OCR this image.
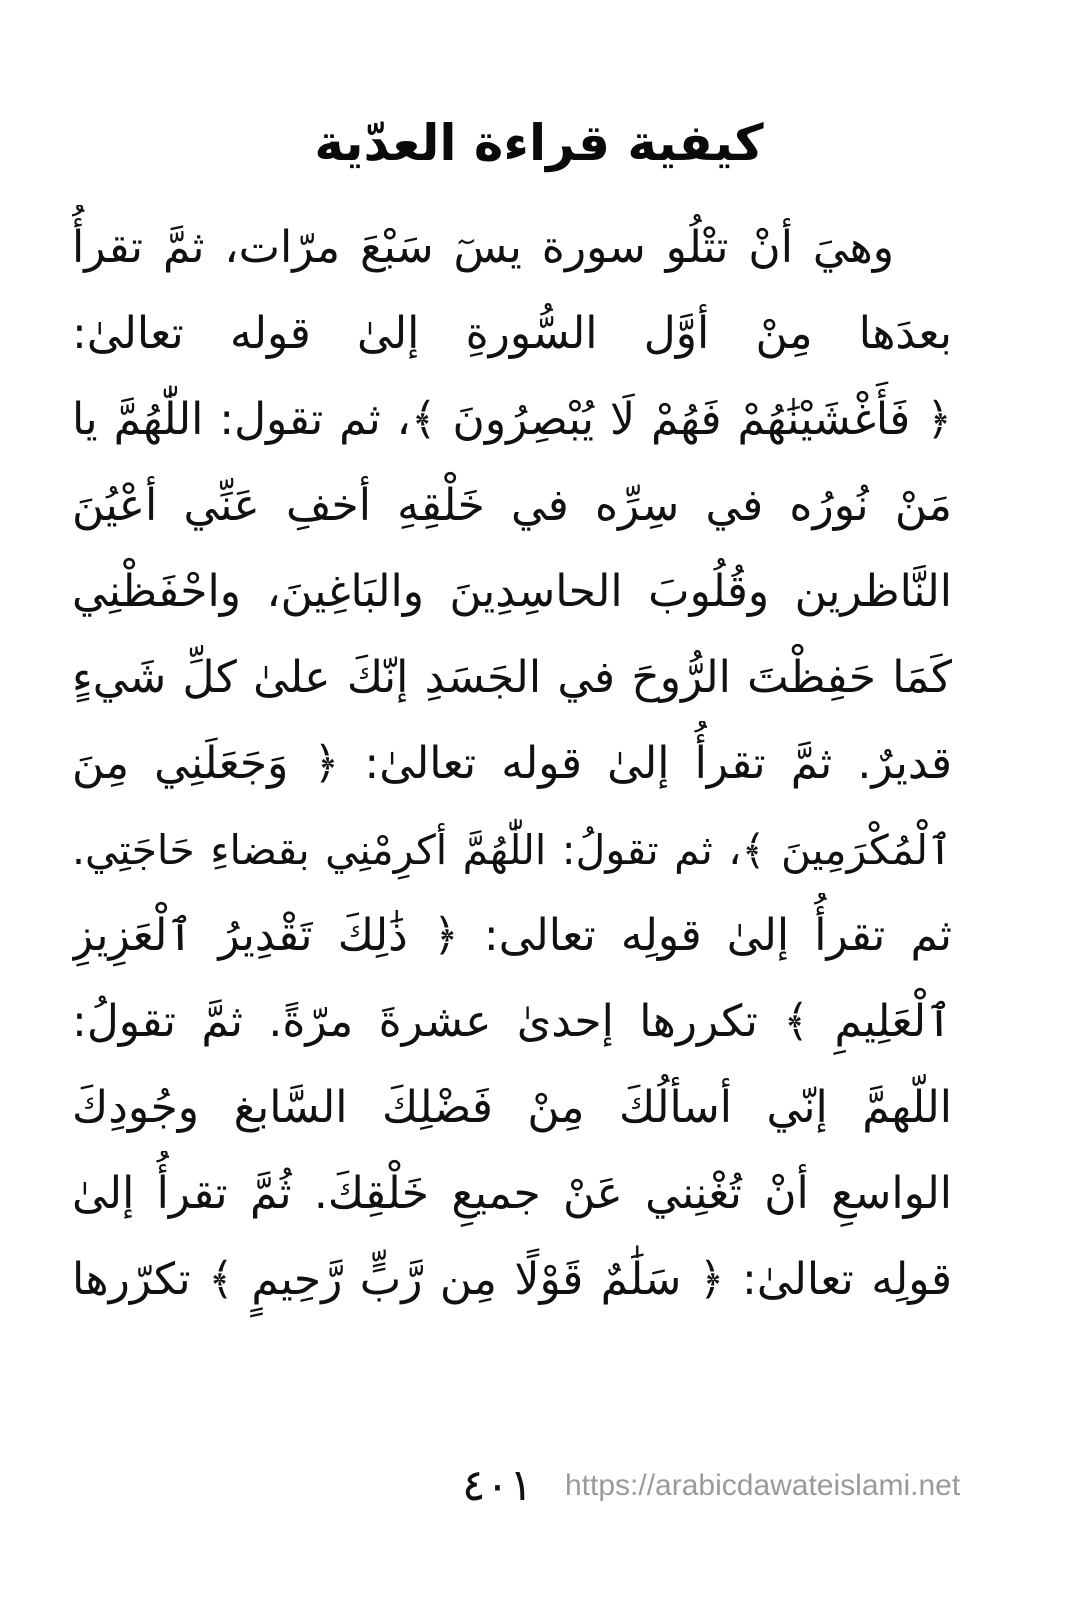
كيفية قراءة العدّية
وهيَ أنْ تتْلُو سورة يسٓ سَبْعَ مرّات، ثمَّ تقرأُ
بعدَها مِنْ أوَّل السُّورةِ إلىٰ قوله تعالىٰ:
﴿ فَأَغْشَيْنَٰهُمْ فَهُمْ لَا يُبْصِرُونَ ﴾، ثم تقول: اللّٰهُمَّ يا
مَنْ نُورُه في سِرِّه في خَلْقِهِ أخفِ عَنِّي أعْيُنَ
النَّاظرين وقُلُوبَ الحاسِدِينَ والبَاغِينَ، واحْفَظْنِي
كَمَا حَفِظْتَ الرُّوحَ في الجَسَدِ إنّكَ علىٰ كلِّ شَيءٍ
قديرٌ. ثمَّ تقرأُ إلىٰ قوله تعالىٰ: ﴿ وَجَعَلَنِي مِنَ
ٱلْمُكْرَمِينَ ﴾، ثم تقولُ: اللّٰهُمَّ أكرِمْنِي بقضاءِ حَاجَتِي.
ثم تقرأُ إلىٰ قولِه تعالى: ﴿ ذَٰلِكَ تَقْدِيرُ ٱلْعَزِيزِ
ٱلْعَلِيمِ ﴾ تكررها إحدىٰ عشرةَ مرّةً. ثمَّ تقولُ:
اللّهمَّ إنّي أسألُكَ مِنْ فَضْلِكَ السَّابغ وجُودِكَ
الواسعِ أنْ تُغْنِني عَنْ جميعِ خَلْقِكَ. ثُمَّ تقرأُ إلىٰ
قولِه تعالىٰ: ﴿ سَلَٰمٌ قَوْلًا مِن رَّبٍّ رَّحِيمٍ ﴾ تكرّرها
٤٠١ https://arabicdawateislami.net
